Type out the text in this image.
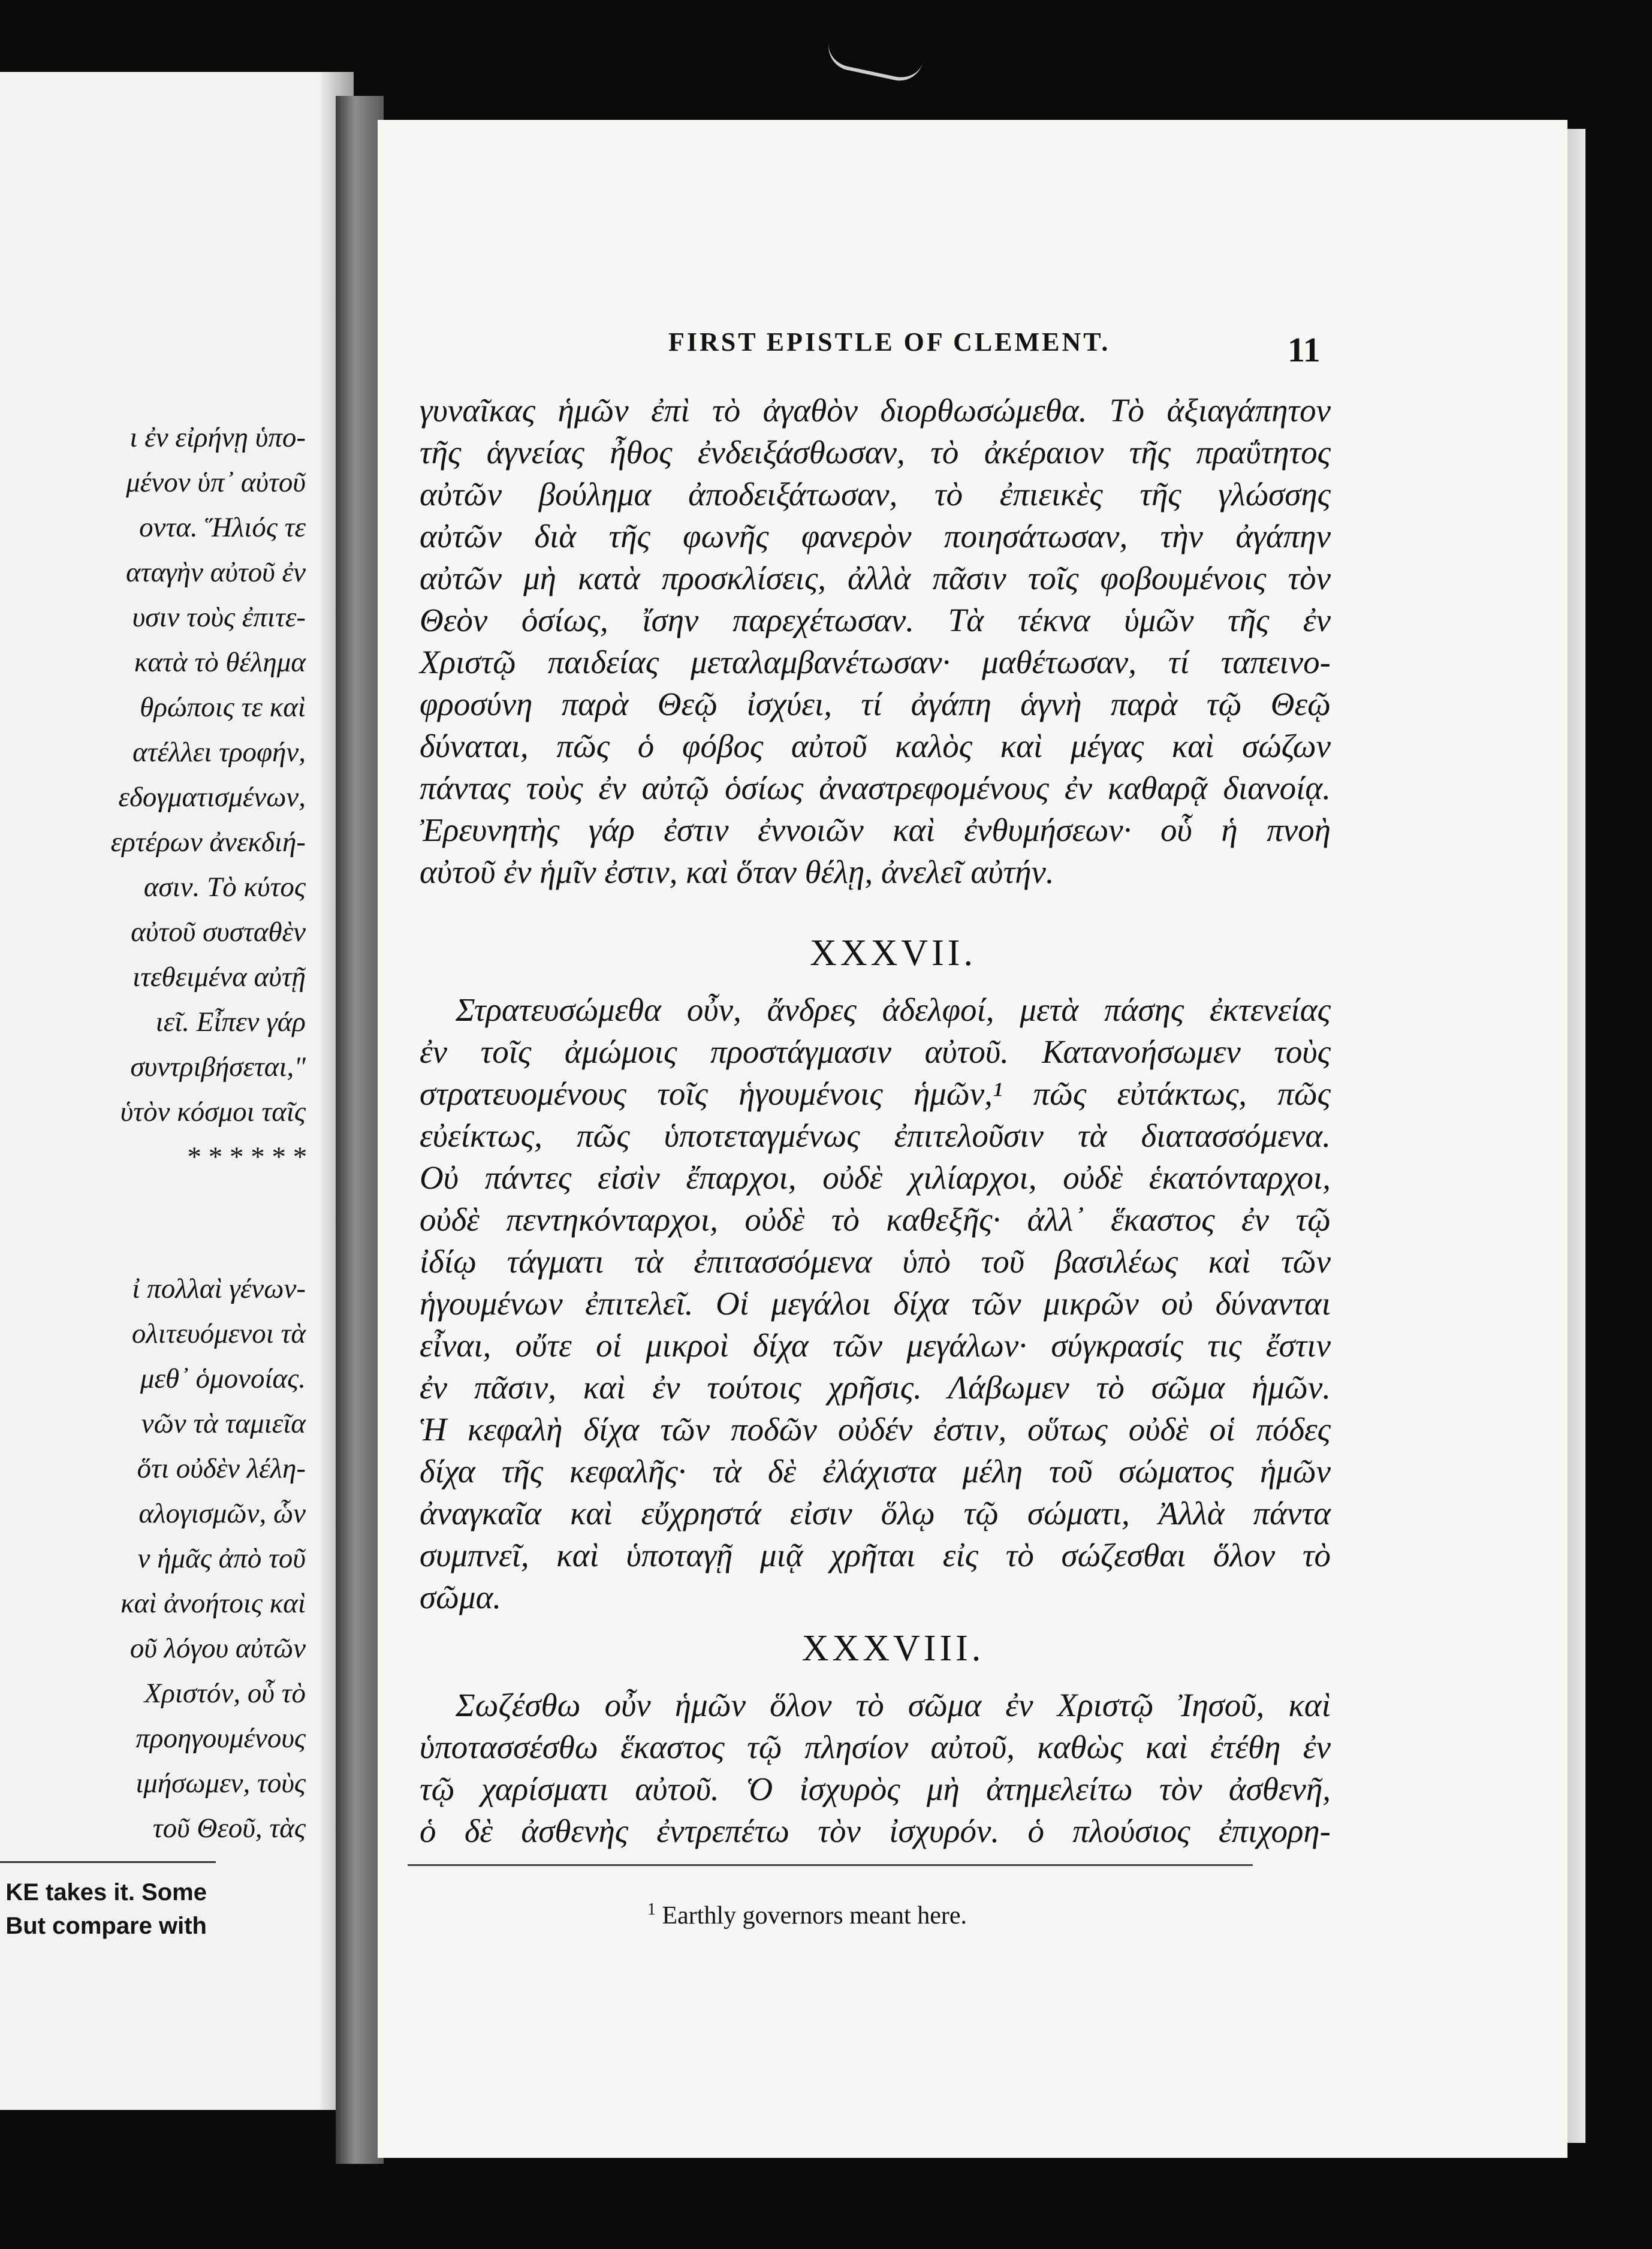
ι ἐν εἰρήνῃ ὑπο-
μένον ὑπ᾽ αὐτοῦ
οντα. Ἥλιός τε
αταγὴν αὐτοῦ ἐν
υσιν τοὺς ἐπιτε-
κατὰ τὸ θέλημα
θρώποις τε καὶ
ατέλλει τροφήν,
εδογματισμένων,
ερτέρων ἀνεκδιή-
ασιν. Τὸ κύτος
αὐτοῦ συσταθὲν
ιτεθειμένα αὐτῇ
ιεῖ. Εἶπεν γάρ
συντριβήσεται,"
ὑτὸν κόσμοι ταῖς
* * * * * *
ἰ πολλαὶ γένων-
ολιτευόμενοι τὰ
μεθ᾽ ὁμονοίας.
νῶν τὰ ταμιεῖα
ὅτι οὐδὲν λέλη-
αλογισμῶν, ὧν
ν ἡμᾶς ἀπὸ τοῦ
καὶ ἀνοήτοις καὶ
οῦ λόγου αὐτῶν
Χριστόν, οὗ τὸ
προηγουμένους
ιμήσωμεν, τοὺς
τοῦ Θεοῦ, τὰς
KE takes it. Some
But compare with
FIRST EPISTLE OF CLEMENT.	11
γυναῖκας ἡμῶν ἐπὶ τὸ ἀγαθὸν διορθωσώμεθα. Τὸ ἀξιαγάπητον
τῆς ἁγνείας ἦθος ἐνδειξάσθωσαν, τὸ ἀκέραιον τῆς πραΰτητος
αὐτῶν βούλημα ἀποδειξάτωσαν, τὸ ἐπιεικὲς τῆς γλώσσης
αὐτῶν διὰ τῆς φωνῆς φανερὸν ποιησάτωσαν, τὴν ἀγάπην
αὐτῶν μὴ κατὰ προσκλίσεις, ἀλλὰ πᾶσιν τοῖς φοβουμένοις τὸν
Θεὸν ὁσίως, ἴσην παρεχέτωσαν. Τὰ τέκνα ὑμῶν τῆς ἐν
Χριστῷ παιδείας μεταλαμβανέτωσαν· μαθέτωσαν, τί ταπεινο-
φροσύνη παρὰ Θεῷ ἰσχύει, τί ἀγάπη ἁγνὴ παρὰ τῷ Θεῷ
δύναται, πῶς ὁ φόβος αὐτοῦ καλὸς καὶ μέγας καὶ σώζων
πάντας τοὺς ἐν αὐτῷ ὁσίως ἀναστρεφομένους ἐν καθαρᾷ διανοίᾳ.
Ἐρευνητὴς γάρ ἐστιν ἐννοιῶν καὶ ἐνθυμήσεων· οὗ ἡ πνοὴ
αὐτοῦ ἐν ἡμῖν ἐστιν, καὶ ὅταν θέλῃ, ἀνελεῖ αὐτήν.
XXXVII.
Στρατευσώμεθα οὖν, ἄνδρες ἀδελφοί, μετὰ πάσης ἐκτενείας
ἐν τοῖς ἀμώμοις προστάγμασιν αὐτοῦ. Κατανοήσωμεν τοὺς
στρατευομένους τοῖς ἡγουμένοις ἡμῶν,¹ πῶς εὐτάκτως, πῶς
εὐείκτως, πῶς ὑποτεταγμένως ἐπιτελοῦσιν τὰ διατασσόμενα.
Οὐ πάντες εἰσὶν ἔπαρχοι, οὐδὲ χιλίαρχοι, οὐδὲ ἑκατόνταρχοι,
οὐδὲ πεντηκόνταρχοι, οὐδὲ τὸ καθεξῆς· ἀλλ᾽ ἕκαστος ἐν τῷ
ἰδίῳ τάγματι τὰ ἐπιτασσόμενα ὑπὸ τοῦ βασιλέως καὶ τῶν
ἡγουμένων ἐπιτελεῖ. Οἱ μεγάλοι δίχα τῶν μικρῶν οὐ δύνανται
εἶναι, οὔτε οἱ μικροὶ δίχα τῶν μεγάλων· σύγκρασίς τις ἔστιν
ἐν πᾶσιν, καὶ ἐν τούτοις χρῆσις. Λάβωμεν τὸ σῶμα ἡμῶν.
Ἡ κεφαλὴ δίχα τῶν ποδῶν οὐδέν ἐστιν, οὕτως οὐδὲ οἱ πόδες
δίχα τῆς κεφαλῆς· τὰ δὲ ἐλάχιστα μέλη τοῦ σώματος ἡμῶν
ἀναγκαῖα καὶ εὔχρηστά εἰσιν ὅλῳ τῷ σώματι, Ἀλλὰ πάντα
συμπνεῖ, καὶ ὑποταγῇ μιᾷ χρῆται εἰς τὸ σώζεσθαι ὅλον τὸ
σῶμα.
XXXVIII.
Σωζέσθω οὖν ἡμῶν ὅλον τὸ σῶμα ἐν Χριστῷ Ἰησοῦ, καὶ
ὑποτασσέσθω ἕκαστος τῷ πλησίον αὐτοῦ, καθὼς καὶ ἐτέθη ἐν
τῷ χαρίσματι αὐτοῦ. Ὁ ἰσχυρὸς μὴ ἀτημελείτω τὸν ἀσθενῆ,
ὁ δὲ ἀσθενὴς ἐντρεπέτω τὸν ἰσχυρόν. ὁ πλούσιος ἐπιχορη-
$^1$ Earthly governors meant here.
